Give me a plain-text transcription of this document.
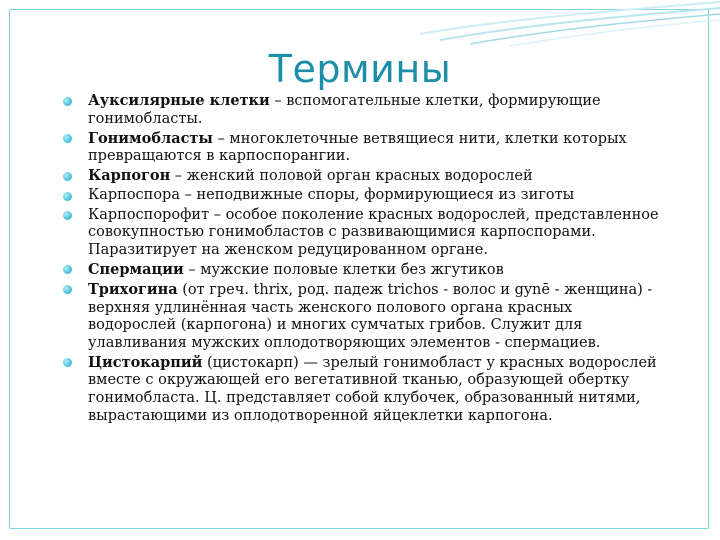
Термины
Ауксилярные клетки – вспомогательные клетки, формирующие гонимобласты.
Гонимобласты – многоклеточные ветвящиеся нити, клетки которых превращаются в карпоспорангии.
Карпогон – женский половой орган красных водорослей
Карпоспора – неподвижные споры, формирующиеся из зиготы
Карпоспорофит – особое поколение красных водорослей, представленное совокупностью гонимобластов с развивающимися карпоспорами. Паразитирует на женском редуцированном органе.
Спермации – мужские половые клетки без жгутиков
Трихогина (от греч. thrix, род. падеж trichos - волос и gynē - женщина) - верхняя удлинённая часть женского полового органа красных водорослей (карпогона) и многих сумчатых грибов. Служит для улавливания мужских оплодотворяющих элементов - спермациев.
Цистокарпий (цистокарп) — зрелый гонимобласт у красных водорослей вместе с окружающей его вегетативной тканью, образующей обертку гонимобласта. Ц. представляет собой клубочек, образованный нитями, вырастающими из оплодотворенной яйцеклетки карпогона.
